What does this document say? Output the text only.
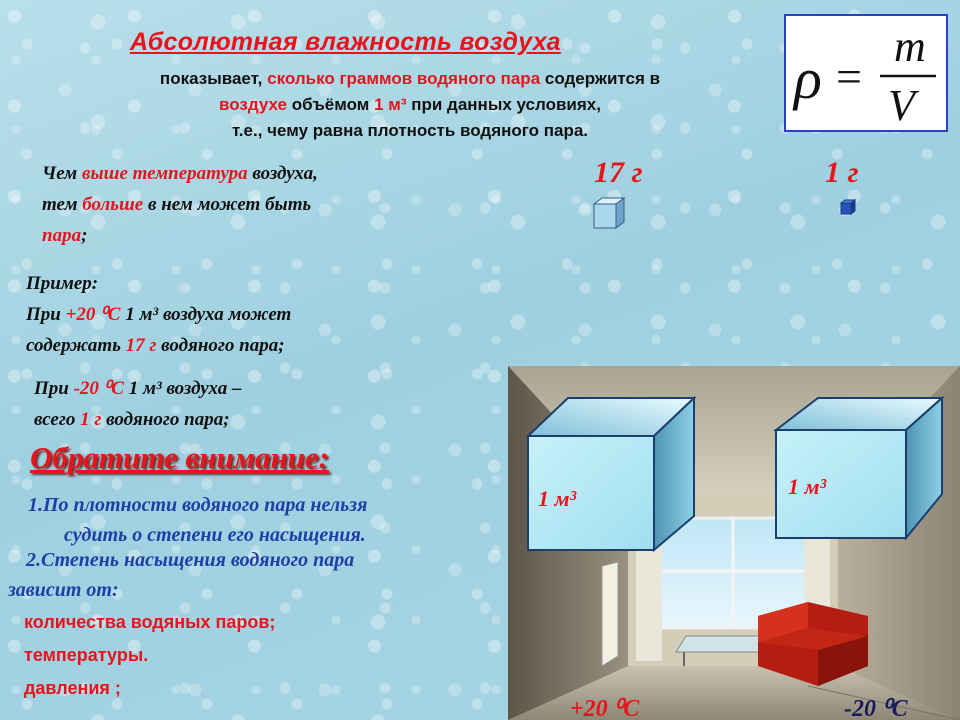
Абсолютная влажность воздуха
показывает, сколько граммов водяного пара содержится в
воздухе объёмом 1 м³ при данных условиях,
т.е., чему равна плотность водяного пара.
ρ =
m
V
Чем выше температура воздуха,
тем больше в нем может быть
пара;
17 г	1 г
Пример:
При +20 ⁰С 1 м³ воздуха может
содержать 17 г водяного пара;
При -20 ⁰С 1 м³ воздуха –
всего 1 г водяного пара;
Обратите внимание:
1.По плотности водяного пара нельзя
судить о степени его насыщения.
2.Степень насыщения водяного пара
зависит от:
количества водяных паров;
температуры.
давления ;
1 м³	1 м³
+20 ⁰С	-20 ⁰С
